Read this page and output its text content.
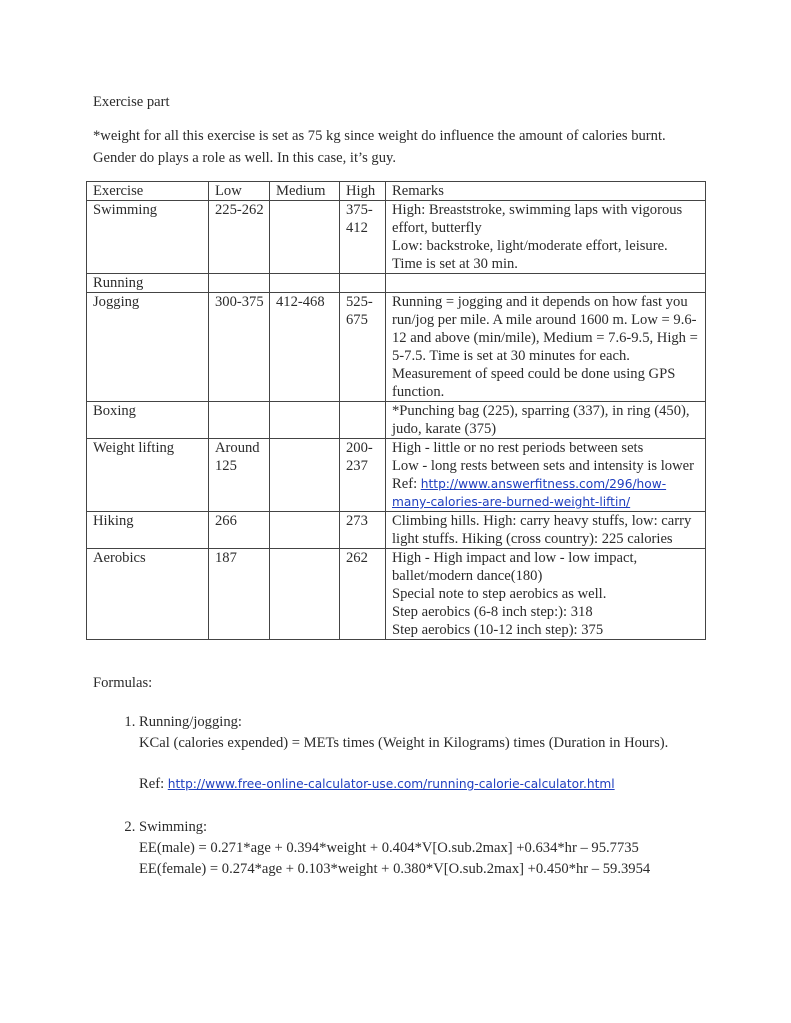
Exercise part

*weight for all this exercise is set as 75 kg since weight do influence the amount of calories burnt. Gender do plays a role as well. In this case, it’s guy.

Exercise	Low	Medium	High	Remarks
Swimming	225-262		375-412	High: Breaststroke, swimming laps with vigorous effort, butterfly
Low: backstroke, light/moderate effort, leisure.
Time is set at 30 min.

Running				
Jogging	300-375	412-468	525-675	Running = jogging and it depends on how fast you run/jog per mile. A mile around 1600 m. Low = 9.6-12 and above (min/mile), Medium = 7.6-9.5, High = 5-7.5. Time is set at 30 minutes for each. Measurement of speed could be done using GPS function.

Boxing				*Punching bag (225), sparring (337), in ring (450), judo, karate (375)

Weight lifting	Around 125		200-237	High - little or no rest periods between sets
Low - long rests between sets and intensity is lower
Ref: http://www.answerfitness.com/296/how-many-calories-are-burned-weight-liftin/

Hiking	266		273	Climbing hills. High: carry heavy stuffs, low: carry light stuffs. Hiking (cross country): 225 calories

Aerobics	187		262	High - High impact and low - low impact, ballet/modern dance(180)
Special note to step aerobics as well.
Step aerobics (6-8 inch step:): 318
Step aerobics (10-12 inch step): 375

Formulas:

1. Running/jogging:
KCal (calories expended) = METs times (Weight in Kilograms) times (Duration in Hours).
Ref: http://www.free-online-calculator-use.com/running-calorie-calculator.html
2. Swimming:
EE(male) = 0.271*age + 0.394*weight + 0.404*V[O.sub.2max] +0.634*hr – 95.7735
EE(female) = 0.274*age + 0.103*weight + 0.380*V[O.sub.2max] +0.450*hr – 59.3954
